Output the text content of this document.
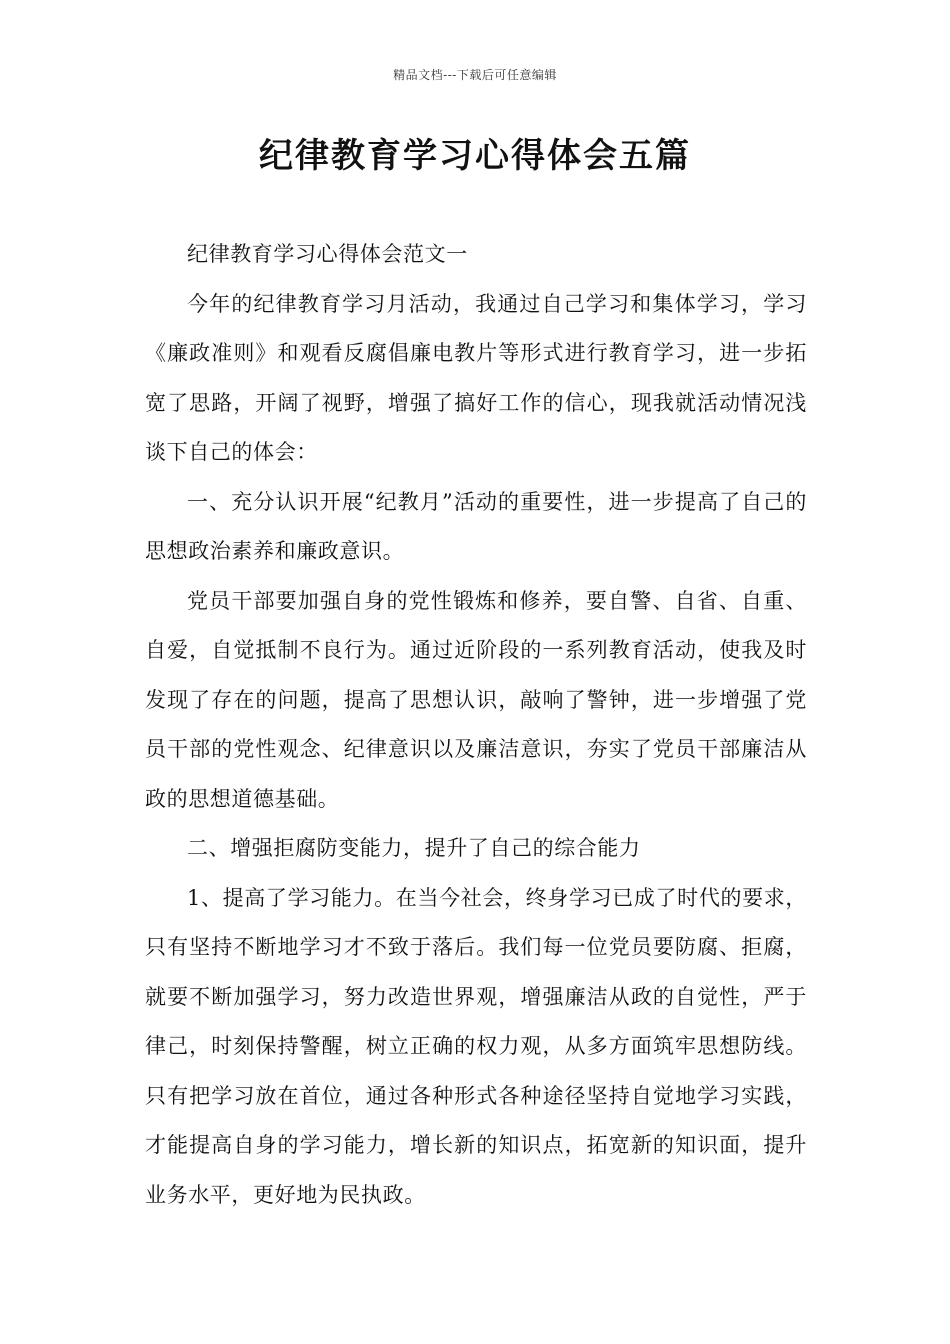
精品文档---下载后可任意编辑
纪律教育学习心得体会五篇

纪律教育学习心得体会范文一

今年的纪律教育学习月活动，我通过自己学习和集体学习，学习《廉政准则》和观看反腐倡廉电教片等形式进行教育学习，进一步拓宽了思路，开阔了视野，增强了搞好工作的信心，现我就活动情况浅谈下自己的体会：

一、充分认识开展“纪教月”活动的重要性，进一步提高了自己的思想政治素养和廉政意识。

党员干部要加强自身的党性锻炼和修养，要自警、自省、自重、自爱，自觉抵制不良行为。通过近阶段的一系列教育活动，使我及时发现了存在的问题，提高了思想认识，敲响了警钟，进一步增强了党员干部的党性观念、纪律意识以及廉洁意识，夯实了党员干部廉洁从政的思想道德基础。

二、增强拒腐防变能力，提升了自己的综合能力

1、提高了学习能力。在当今社会，终身学习已成了时代的要求，只有坚持不断地学习才不致于落后。我们每一位党员要防腐、拒腐，就要不断加强学习，努力改造世界观，增强廉洁从政的自觉性，严于律己，时刻保持警醒，树立正确的权力观，从多方面筑牢思想防线。只有把学习放在首位，通过各种形式各种途径坚持自觉地学习实践，才能提高自身的学习能力，增长新的知识点，拓宽新的知识面，提升业务水平，更好地为民执政。
